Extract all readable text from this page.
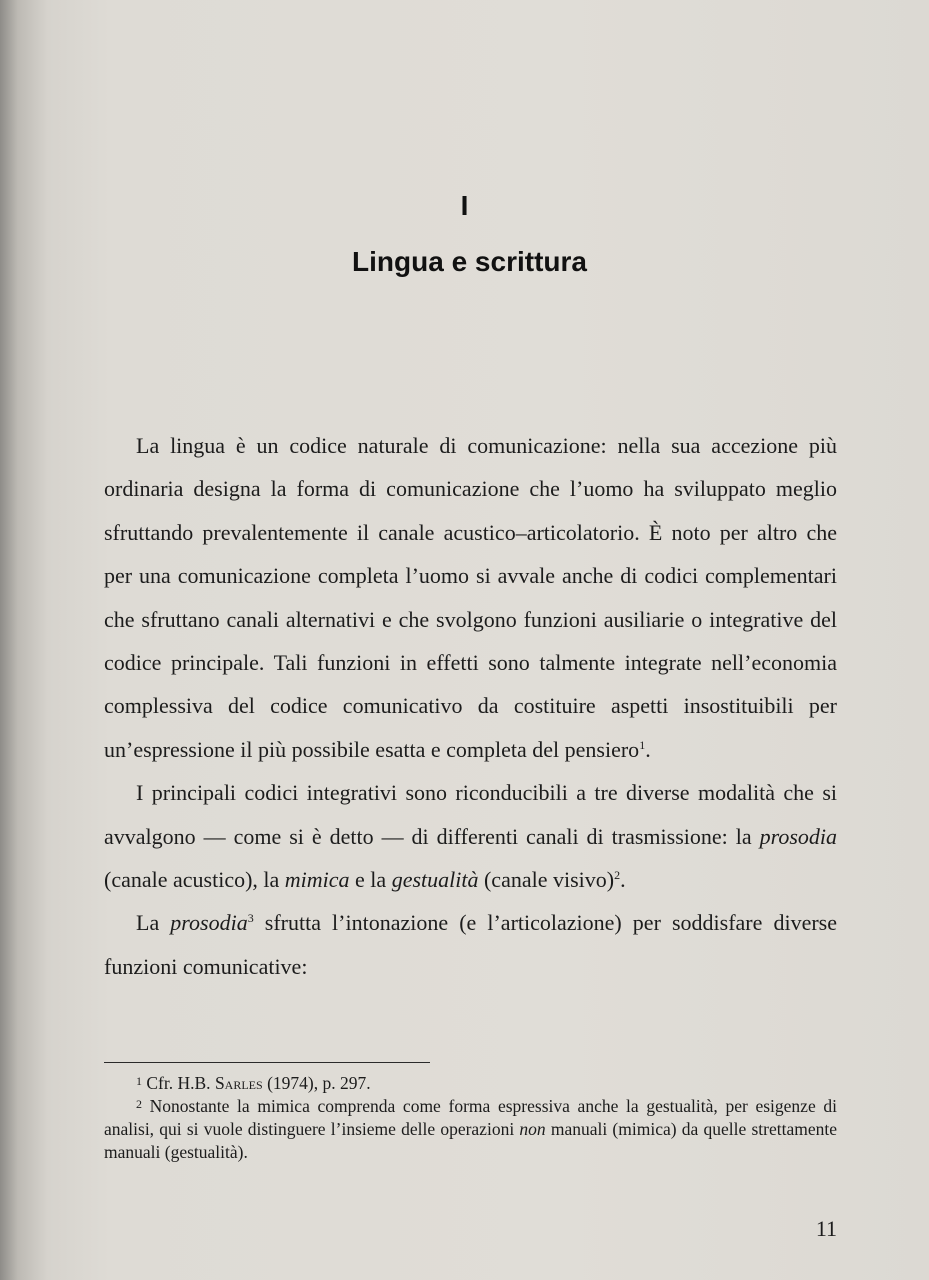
I
Lingua e scrittura

La lingua è un codice naturale di comunicazione: nella sua accezione più ordinaria designa la forma di comunicazione che l’uomo ha sviluppato meglio sfruttando prevalentemente il canale acustico–articolatorio. È noto per altro che per una comunicazione completa l’uomo si avvale anche di codici complementari che sfruttano canali alternativi e che svolgono funzioni ausiliarie o integrative del codice principale. Tali funzioni in effetti sono talmente integrate nell’economia complessiva del codice comunicativo da costituire aspetti insostituibili per un’espressione il più possibile esatta e completa del pensiero$^1$.

I principali codici integrativi sono riconducibili a tre diverse modalità che si avvalgono — come si è detto — di differenti canali di trasmissione: la prosodia (canale acustico), la mimica e la gestualità (canale visivo)$^2$.

La prosodia$^3$ sfrutta l’intonazione (e l’articolazione) per soddisfare diverse funzioni comunicative:

$^1$ Cfr. H.B. Sarles (1974), p. 297.

$^2$ Nonostante la mimica comprenda come forma espressiva anche la gestualità, per esigenze di analisi, qui si vuole distinguere l’insieme delle operazioni non manuali (mimica) da quelle strettamente manuali (gestualità).

11
